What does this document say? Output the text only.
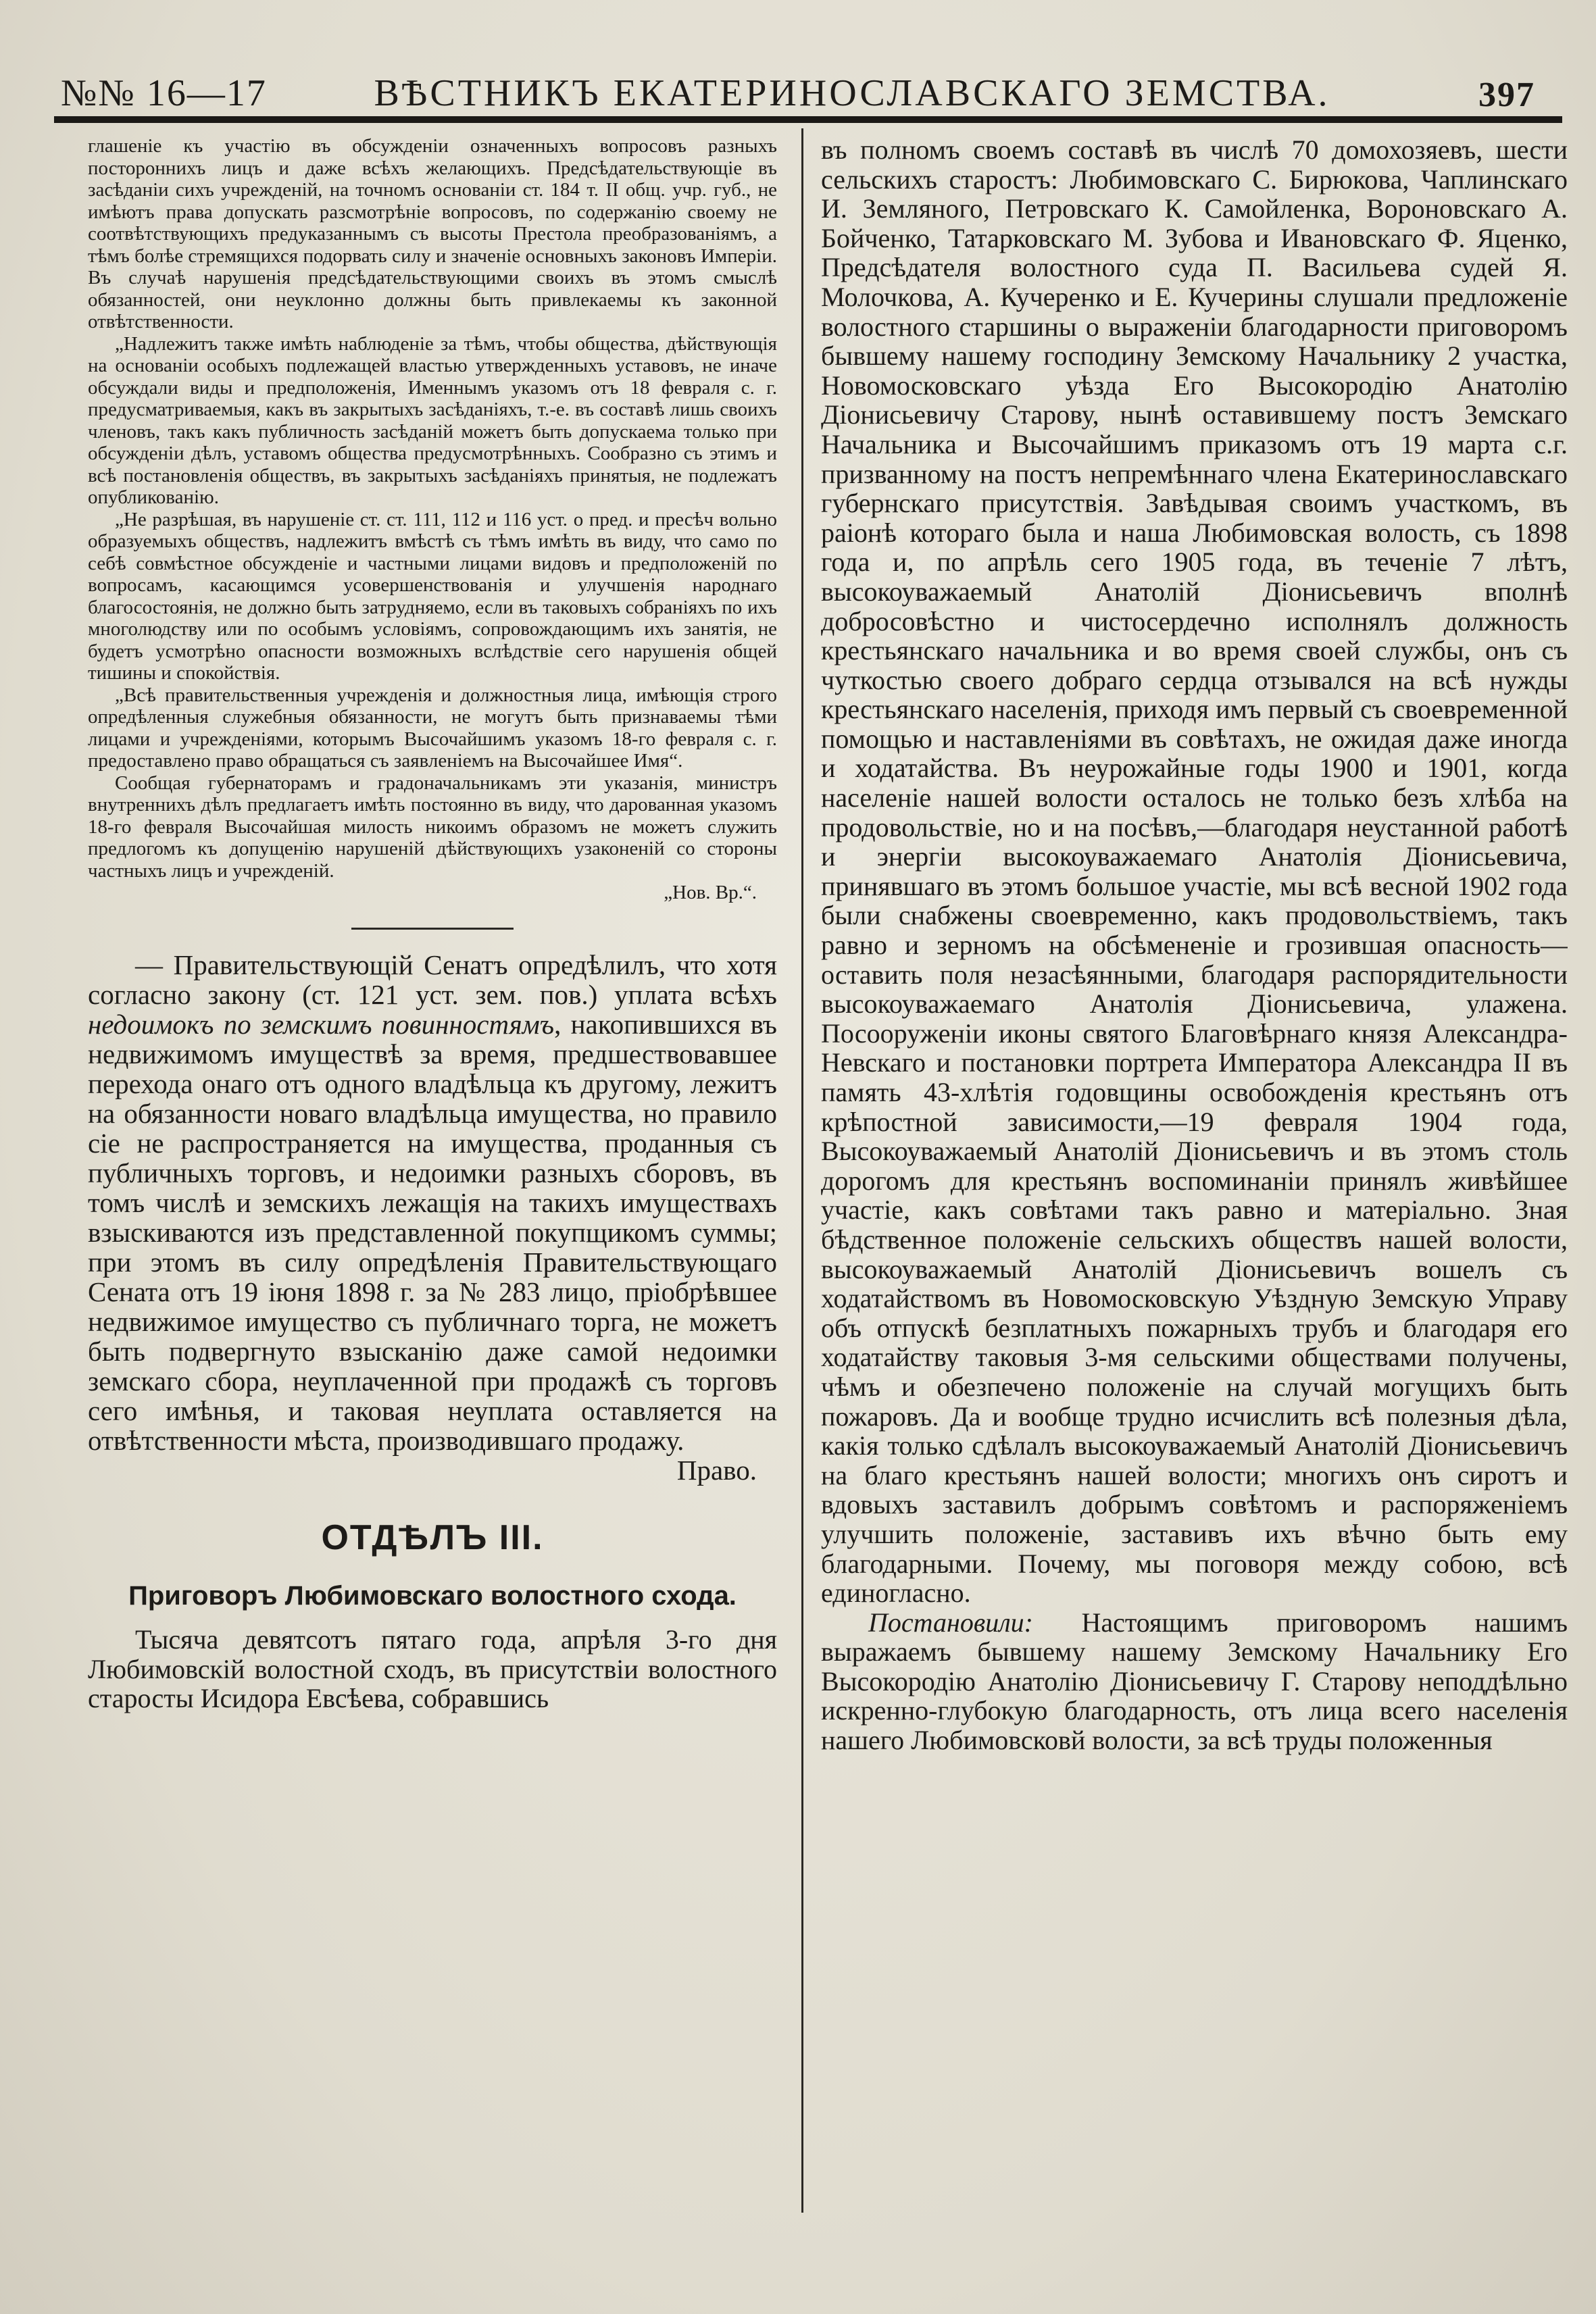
№№ 16—17	ВѢСТНИКЪ ЕКАТЕРИНОСЛАВСКАГО ЗЕМСТВА.	397

глашеніе къ участію въ обсужденіи означенныхъ вопросовъ разныхъ постороннихъ лицъ и даже всѣхъ желающихъ. Предсѣдательствующіе въ засѣданіи сихъ учрежденій, на точномъ основаніи ст. 184 т. II общ. учр. губ., не имѣютъ права допускать разсмотрѣніе вопросовъ, по содержанію своему не соотвѣтствующихъ предуказаннымъ съ высоты Престола преобразованіямъ, а тѣмъ болѣе стремящихся подорвать силу и значеніе основныхъ законовъ Имперіи. Въ случаѣ нарушенія предсѣдательствующими своихъ въ этомъ смыслѣ обязанностей, они неуклонно должны быть привлекаемы къ законной отвѣтственности.

„Надлежитъ также имѣть наблюденіе за тѣмъ, чтобы общества, дѣйствующія на основаніи особыхъ подлежащей властью утвержденныхъ уставовъ, не иначе обсуждали виды и предположенія, Именнымъ указомъ отъ 18 февраля с. г. предусматриваемыя, какъ въ закрытыхъ засѣданіяхъ, т.-е. въ составѣ лишь своихъ членовъ, такъ какъ публичность засѣданій можетъ быть допускаема только при обсужденіи дѣлъ, уставомъ общества предусмотрѣнныхъ. Сообразно съ этимъ и всѣ постановленія обществъ, въ закрытыхъ засѣданіяхъ принятыя, не подлежатъ опубликованію.

„Не разрѣшая, въ нарушеніе ст. ст. 111, 112 и 116 уст. о пред. и пресѣч вольно образуемыхъ обществъ, надлежитъ вмѣстѣ съ тѣмъ имѣть въ виду, что само по себѣ совмѣстное обсужденіе и частными лицами видовъ и предположеній по вопросамъ, касающимся усовершенствованія и улучшенія народнаго благосостоянія, не должно быть затрудняемо, если въ таковыхъ собраніяхъ по ихъ многолюдству или по особымъ условіямъ, сопровождающимъ ихъ занятія, не будетъ усмотрѣно опасности возможныхъ вслѣдствіе сего нарушенія общей тишины и спокойствія.

„Всѣ правительственныя учрежденія и должностныя лица, имѣющія строго опредѣленныя служебныя обязанности, не могутъ быть признаваемы тѣми лицами и учрежденіями, которымъ Высочайшимъ указомъ 18-го февраля с. г. предоставлено право обращаться съ заявленіемъ на Высочайшее Имя“.

Сообщая губернаторамъ и градоначальникамъ эти указанія, министръ внутреннихъ дѣлъ предлагаетъ имѣть постоянно въ виду, что дарованная указомъ 18-го февраля Высочайшая милость никоимъ образомъ не можетъ служить предлогомъ къ допущенію нарушеній дѣйствующихъ узаконеній со стороны частныхъ лицъ и учрежденій.

„Нов. Вр.“.

— Правительствующій Сенатъ опредѣлилъ, что хотя согласно закону (ст. 121 уст. зем. пов.) уплата всѣхъ недоимокъ по земскимъ повинностямъ, накопившихся въ недвижимомъ имуществѣ за время, предшествовавшее перехода онаго отъ одного владѣльца къ другому, лежитъ на обязанности новаго владѣльца имущества, но правило сіе не распространяется на имущества, проданныя съ публичныхъ торговъ, и недоимки разныхъ сборовъ, въ томъ числѣ и земскихъ лежащія на такихъ имуществахъ взыскиваются изъ представленной покупщикомъ суммы; при этомъ въ силу опредѣленія Правительствующаго Сената отъ 19 іюня 1898 г. за № 283 лицо, пріобрѣвшее недвижимое имущество съ публичнаго торга, не можетъ быть подвергнуто взысканію даже самой недоимки земскаго сбора, неуплаченной при продажѣ съ торговъ сего имѣнья, и таковая неуплата оставляется на отвѣтственности мѣста, производившаго продажу.

Право.
ОТДѢЛЪ III.
Приговоръ Любимовскаго волостного схода.

Тысяча девятсотъ пятаго года, апрѣля 3-го дня Любимовскій волостной сходъ, въ присутствіи волостного старосты Исидора Евсѣева, собравшись

въ полномъ своемъ составѣ въ числѣ 70 домохозяевъ, шести сельскихъ старостъ: Любимовскаго С. Бирюкова, Чаплинскаго И. Земляного, Петровскаго К. Самойленка, Вороновскаго А. Бойченко, Татарковскаго М. Зубова и Ивановскаго Ф. Яценко, Предсѣдателя волостного суда П. Васильева судей Я. Молочкова, А. Кучеренко и Е. Кучерины слушали предложеніе волостного старшины о выраженіи благодарности приговоромъ бывшему нашему господину Земскому Начальнику 2 участка, Новомосковскаго уѣзда Его Высокородію Анатолію Діонисьевичу Старову, нынѣ оставившему постъ Земскаго Начальника и Высочайшимъ приказомъ отъ 19 марта с.г. призванному на постъ непремѣннаго члена Екатеринославскаго губернскаго присутствія. Завѣдывая своимъ участкомъ, въ раіонѣ котораго была и наша Любимовская волость, съ 1898 года и, по апрѣль сего 1905 года, въ теченіе 7 лѣтъ, высокоуважаемый Анатолій Діонисьевичъ вполнѣ добросовѣстно и чистосердечно исполнялъ должность крестьянскаго начальника и во время своей службы, онъ съ чуткостью своего добраго сердца отзывался на всѣ нужды крестьянскаго населенія, приходя имъ первый съ своевременной помощью и наставленіями въ совѣтахъ, не ожидая даже иногда и ходатайства. Въ неурожайные годы 1900 и 1901, когда населеніе нашей волости осталось не только безъ хлѣба на продовольствіе, но и на посѣвъ,—благодаря неустанной работѣ и энергіи высокоуважаемаго Анатолія Діонисьевича, принявшаго въ этомъ большое участіе, мы всѣ весной 1902 года были снабжены своевременно, какъ продовольствіемъ, такъ равно и зерномъ на обсѣмененіе и грозившая опасность—оставить поля незасѣянными, благодаря распорядительности высокоуважаемаго Анатолія Діонисьевича, улажена. Посооруженіи иконы святого Благовѣрнаго князя Александра-Невскаго и постановки портрета Императора Александра II въ память 43-хлѣтія годовщины освобожденія крестьянъ отъ крѣпостной зависимости,—19 февраля 1904 года, Высокоуважаемый Анатолій Діонисьевичъ и въ этомъ столь дорогомъ для крестьянъ воспоминаніи принялъ живѣйшее участіе, какъ совѣтами такъ равно и матеріально. Зная бѣдственное положеніе сельскихъ обществъ нашей волости, высокоуважаемый Анатолій Діонисьевичъ вошелъ съ ходатайствомъ въ Новомосковскую Уѣздную Земскую Управу объ отпускѣ безплатныхъ пожарныхъ трубъ и благодаря его ходатайству таковыя 3-мя сельскими обществами получены, чѣмъ и обезпечено положеніе на случай могущихъ быть пожаровъ. Да и вообще трудно исчислить всѣ полезныя дѣла, какія только сдѣлалъ высокоуважаемый Анатолій Діонисьевичъ на благо крестьянъ нашей волости; многихъ онъ сиротъ и вдовыхъ заставилъ добрымъ совѣтомъ и распоряженіемъ улучшить положеніе, заставивъ ихъ вѣчно быть ему благодарными. Почему, мы поговоря между собою, всѣ единогласно.

Постановили: Настоящимъ приговоромъ нашимъ выражаемъ бывшему нашему Земскому Начальнику Его Высокородію Анатолію Діонисьевичу Г. Старову неподдѣльно искренно-глубокую благодарность, отъ лица всего населенія нашего Любимовсковй волости, за всѣ труды положенныя
